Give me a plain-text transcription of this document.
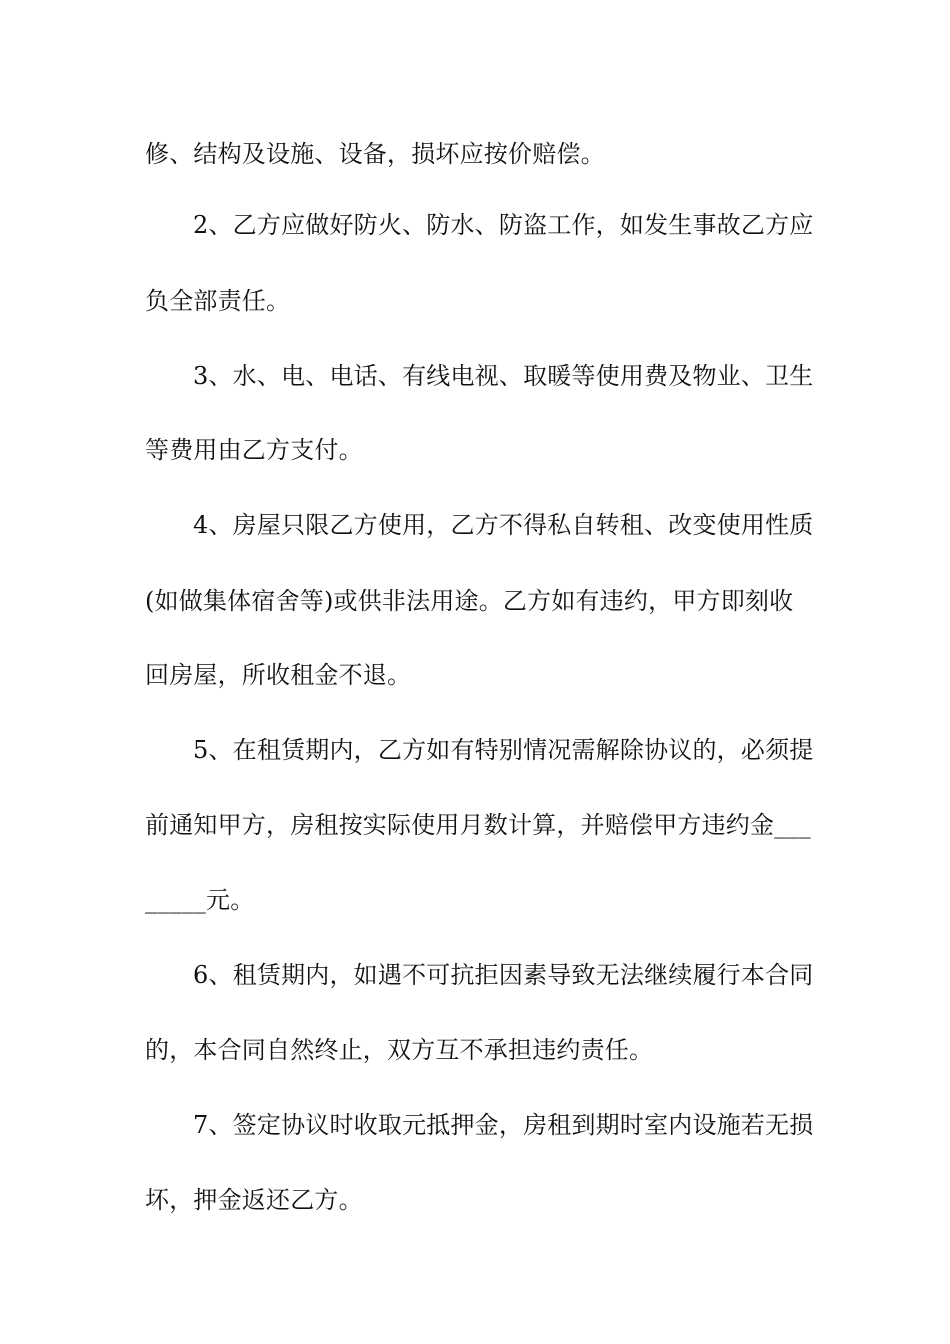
修、结构及设施、设备，损坏应按价赔偿。
2、乙方应做好防火、防水、防盗工作，如发生事故乙方应
负全部责任。
3、水、电、电话、有线电视、取暖等使用费及物业、卫生
等费用由乙方支付。
4、房屋只限乙方使用，乙方不得私自转租、改变使用性质
(如做集体宿舍等)或供非法用途。乙方如有违约，甲方即刻收
回房屋，所收租金不退。
5、在租赁期内，乙方如有特别情况需解除协议的，必须提
前通知甲方，房租按实际使用月数计算，并赔偿甲方违约金___
_____元。
6、租赁期内，如遇不可抗拒因素导致无法继续履行本合同
的，本合同自然终止，双方互不承担违约责任。
7、签定协议时收取元抵押金，房租到期时室内设施若无损
坏，押金返还乙方。
